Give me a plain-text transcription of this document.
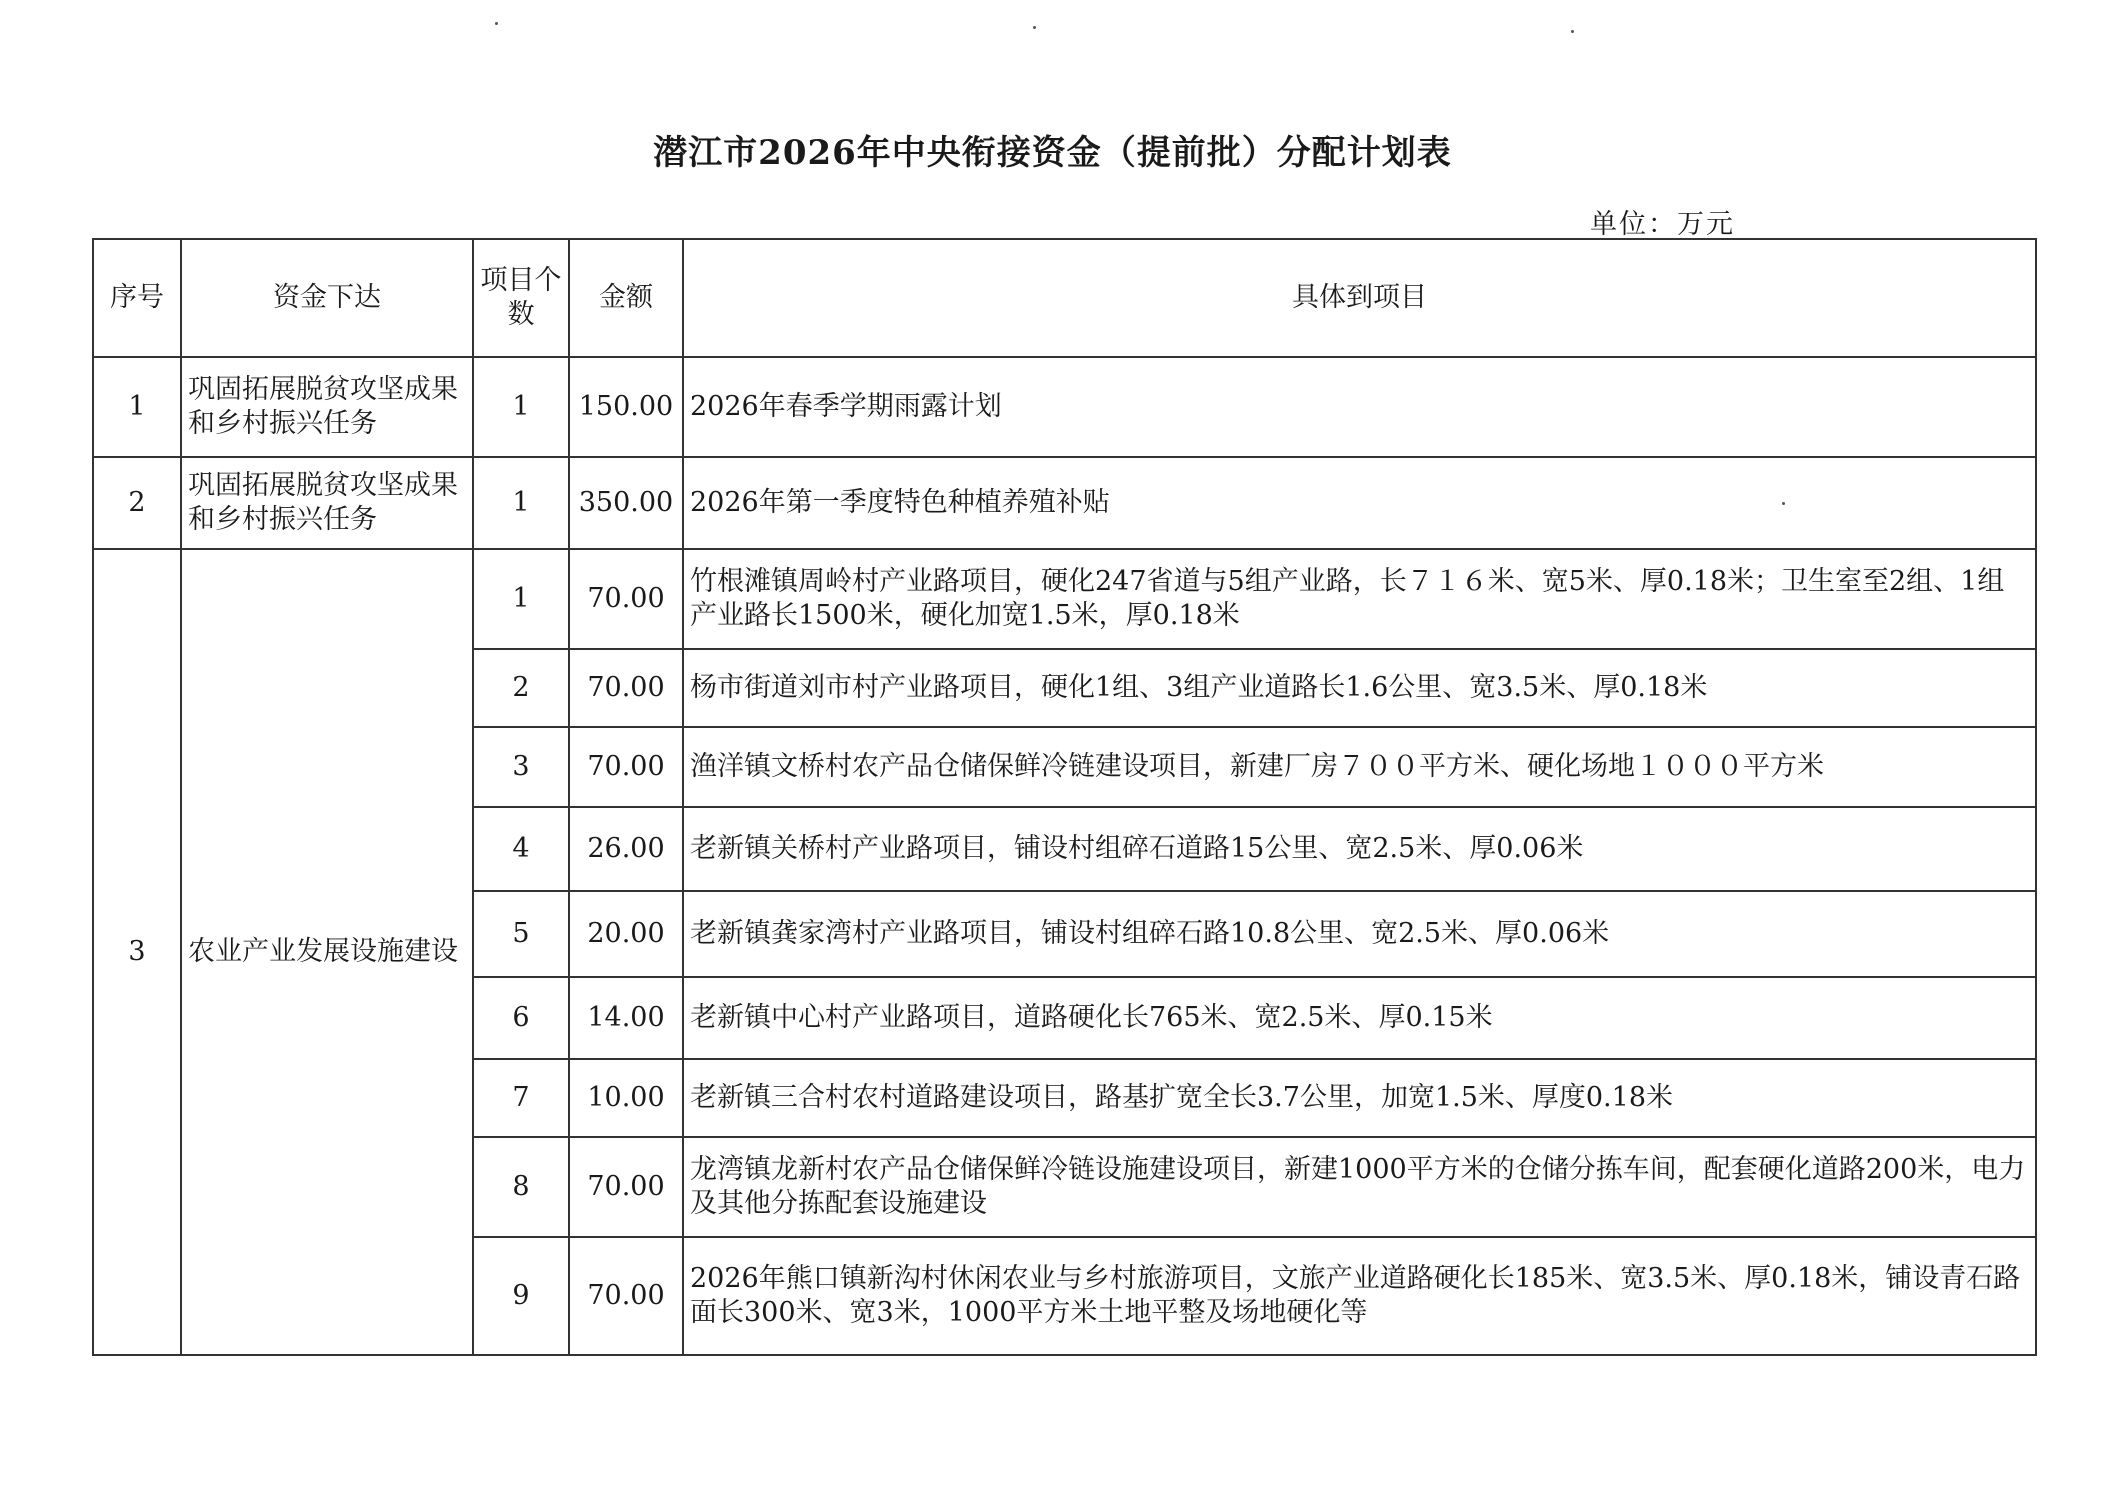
潜江市2026年中央衔接资金（提前批）分配计划表
单位：万元
序号	资金下达	项目个数	金额	具体到项目
1	巩固拓展脱贫攻坚成果和乡村振兴任务	1	150.00	2026年春季学期雨露计划
2	巩固拓展脱贫攻坚成果和乡村振兴任务	1	350.00	2026年第一季度特色种植养殖补贴
3	农业产业发展设施建设	1	70.00	竹根滩镇周岭村产业路项目，硬化247省道与5组产业路，长７１６米、宽5米、厚0.18米；卫生室至2组、1组产业路长1500米，硬化加宽1.5米，厚0.18米
		2	70.00	杨市街道刘市村产业路项目，硬化1组、3组产业道路长1.6公里、宽3.5米、厚0.18米
		3	70.00	渔洋镇文桥村农产品仓储保鲜冷链建设项目，新建厂房７００平方米、硬化场地１０００平方米
		4	26.00	老新镇关桥村产业路项目，铺设村组碎石道路15公里、宽2.5米、厚0.06米
		5	20.00	老新镇龚家湾村产业路项目，铺设村组碎石路10.8公里、宽2.5米、厚0.06米
		6	14.00	老新镇中心村产业路项目，道路硬化长765米、宽2.5米、厚0.15米
		7	10.00	老新镇三合村农村道路建设项目，路基扩宽全长3.7公里，加宽1.5米、厚度0.18米
		8	70.00	龙湾镇龙新村农产品仓储保鲜冷链设施建设项目，新建1000平方米的仓储分拣车间，配套硬化道路200米，电力及其他分拣配套设施建设
		9	70.00	2026年熊口镇新沟村休闲农业与乡村旅游项目，文旅产业道路硬化长185米、宽3.5米、厚0.18米，铺设青石路面长300米、宽3米，1000平方米土地平整及场地硬化等
